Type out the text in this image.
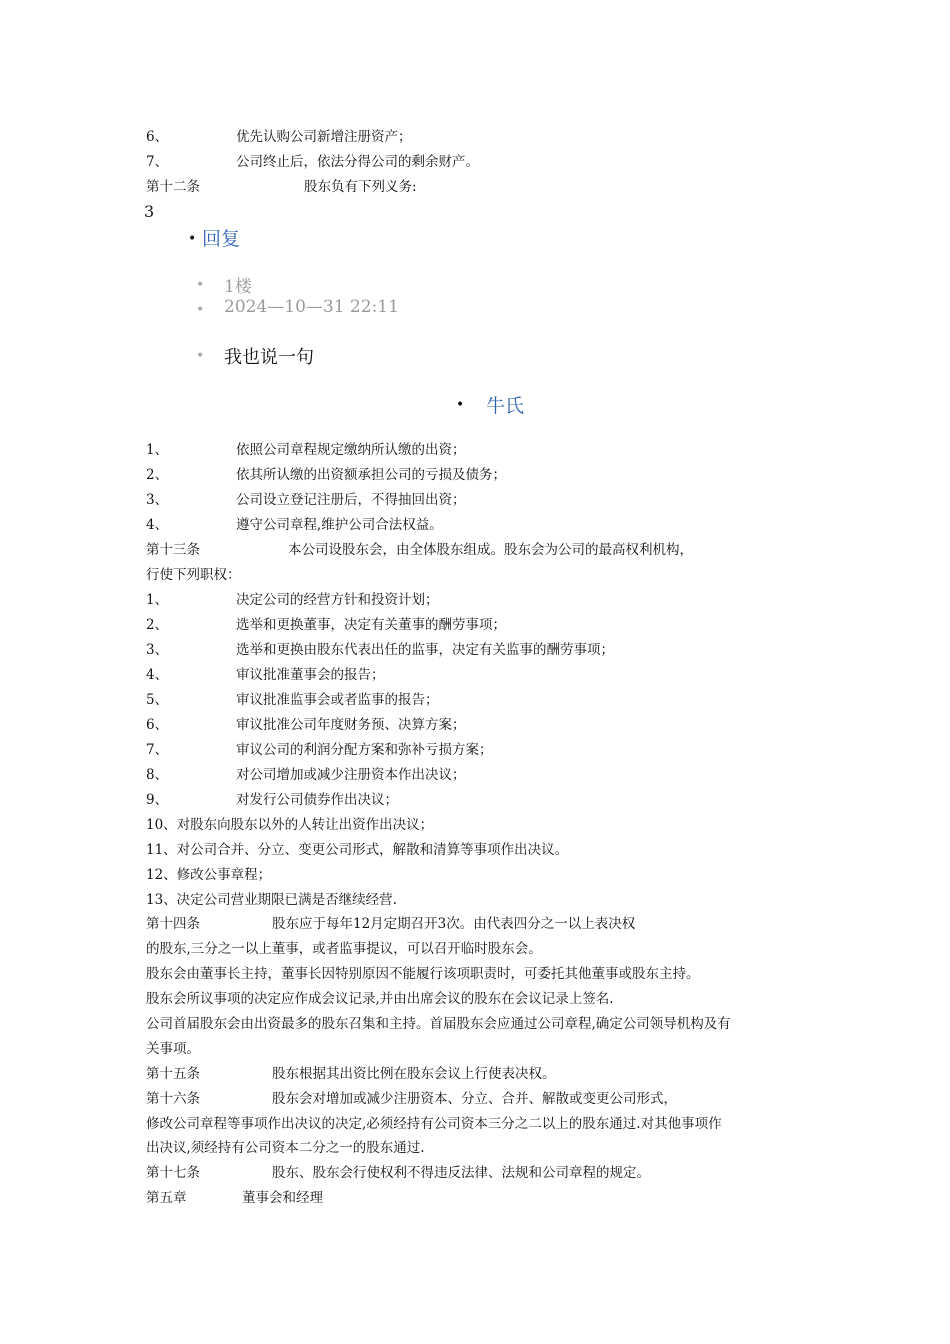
6、	优先认购公司新增注册资产；
7、	公司终止后，依法分得公司的剩余财产。
第十二条	股东负有下列义务:
3
• 回复
• 1楼
• 2024—10—31 22:11
• 我也说一句
• 牛氏
1、	依照公司章程规定缴纳所认缴的出资；
2、	依其所认缴的出资额承担公司的亏损及债务；
3、	公司设立登记注册后，不得抽回出资；
4、	遵守公司章程,维护公司合法权益。
第十三条	本公司设股东会，由全体股东组成。股东会为公司的最高权利机构，
行使下列职权：
1、	决定公司的经营方针和投资计划；
2、	选举和更换董事，决定有关董事的酬劳事项；
3、	选举和更换由股东代表出任的监事，决定有关监事的酬劳事项；
4、	审议批准董事会的报告；
5、	审议批准监事会或者监事的报告；
6、	审议批准公司年度财务预、决算方案；
7、	审议公司的利润分配方案和弥补亏损方案；
8、	对公司增加或减少注册资本作出决议；
9、	对发行公司债券作出决议；
10、对股东向股东以外的人转让出资作出决议；
11、对公司合并、分立、变更公司形式，解散和清算等事项作出决议。
12、修改公事章程；
13、决定公司营业期限已满是否继续经营.
第十四条	股东应于每年12月定期召开3次。由代表四分之一以上表决权
的股东,三分之一以上董事，或者监事提议，可以召开临时股东会。
股东会由董事长主持，董事长因特别原因不能履行该项职责时，可委托其他董事或股东主持。
股东会所议事项的决定应作成会议记录,并由出席会议的股东在会议记录上签名.
公司首届股东会由出资最多的股东召集和主持。首届股东会应通过公司章程,确定公司领导机构及有
关事项。
第十五条	股东根据其出资比例在股东会议上行使表决权。
第十六条	股东会对增加或减少注册资本、分立、合并、解散或变更公司形式，
修改公司章程等事项作出决议的决定,必须经持有公司资本三分之二以上的股东通过.对其他事项作
出决议,须经持有公司资本二分之一的股东通过.
第十七条	股东、股东会行使权利不得违反法律、法规和公司章程的规定。
第五章	董事会和经理
